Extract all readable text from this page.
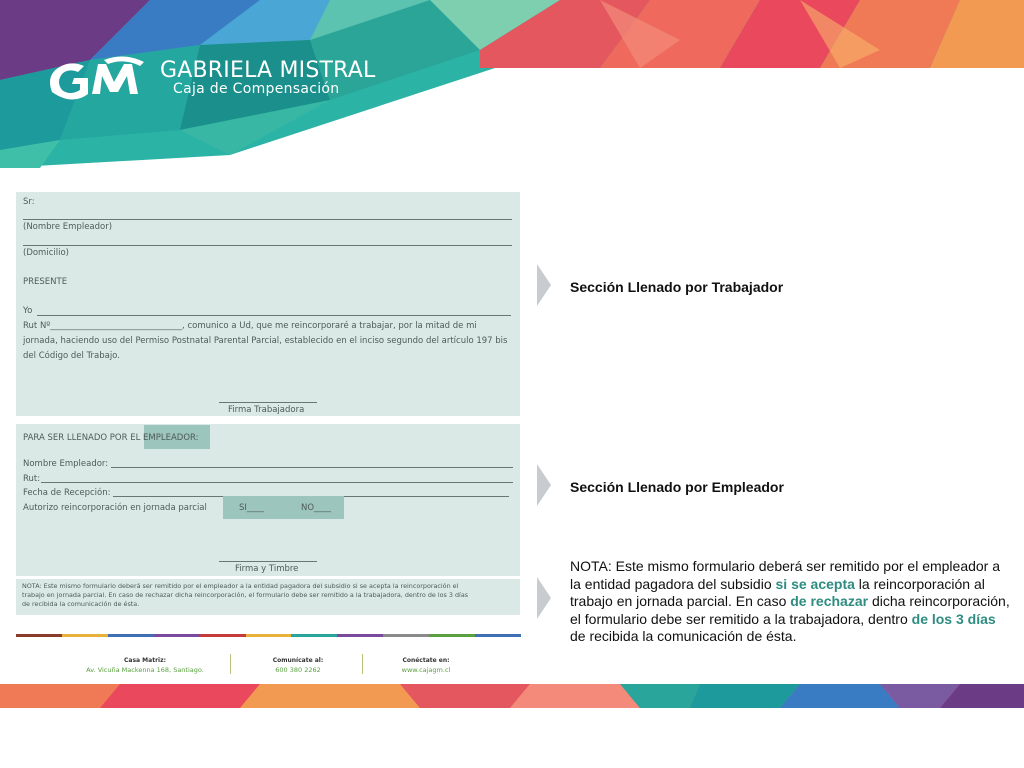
GABRIELA MISTRAL
Caja de Compensación
Sr:
(Nombre Empleador)
(Domicilio)
PRESENTE
Yo
Rut Nº_______________________________, comunico a Ud, que me reincorporaré a trabajar, por la mitad de mi
jornada, haciendo uso del Permiso Postnatal Parental Parcial, establecido en el inciso segundo del artículo 197 bis
del Código del Trabajo.
Firma Trabajadora
PARA SER LLENADO POR EL EMPLEADOR:
Nombre Empleador:
Rut:
Fecha de Recepción:
Autorizo reincorporación en jornada parcial	SI____	NO____
Firma y Timbre
NOTA: Este mismo formulario deberá ser remitido por el empleador a la entidad pagadora del subsidio si se acepta la reincorporación el
trabajo en jornada parcial. En caso de rechazar dicha reincorporación, el formulario debe ser remitido a la trabajadora, dentro de los 3 días
de recibida la comunicación de ésta.
Casa Matriz:
Av. Vicuña Mackenna 168, Santiago.
Comunícate al:
600 380 2262
Conéctate en:
www.cajagm.cl
Sección Llenado por Trabajador
Sección Llenado por Empleador
NOTA: Este mismo formulario deberá ser remitido por el empleador a la entidad pagadora del subsidio si se acepta la reincorporación al trabajo en jornada parcial. En caso de rechazar dicha reincorporación, el formulario debe ser remitido a la trabajadora, dentro de los 3 días de recibida la comunicación de ésta.
